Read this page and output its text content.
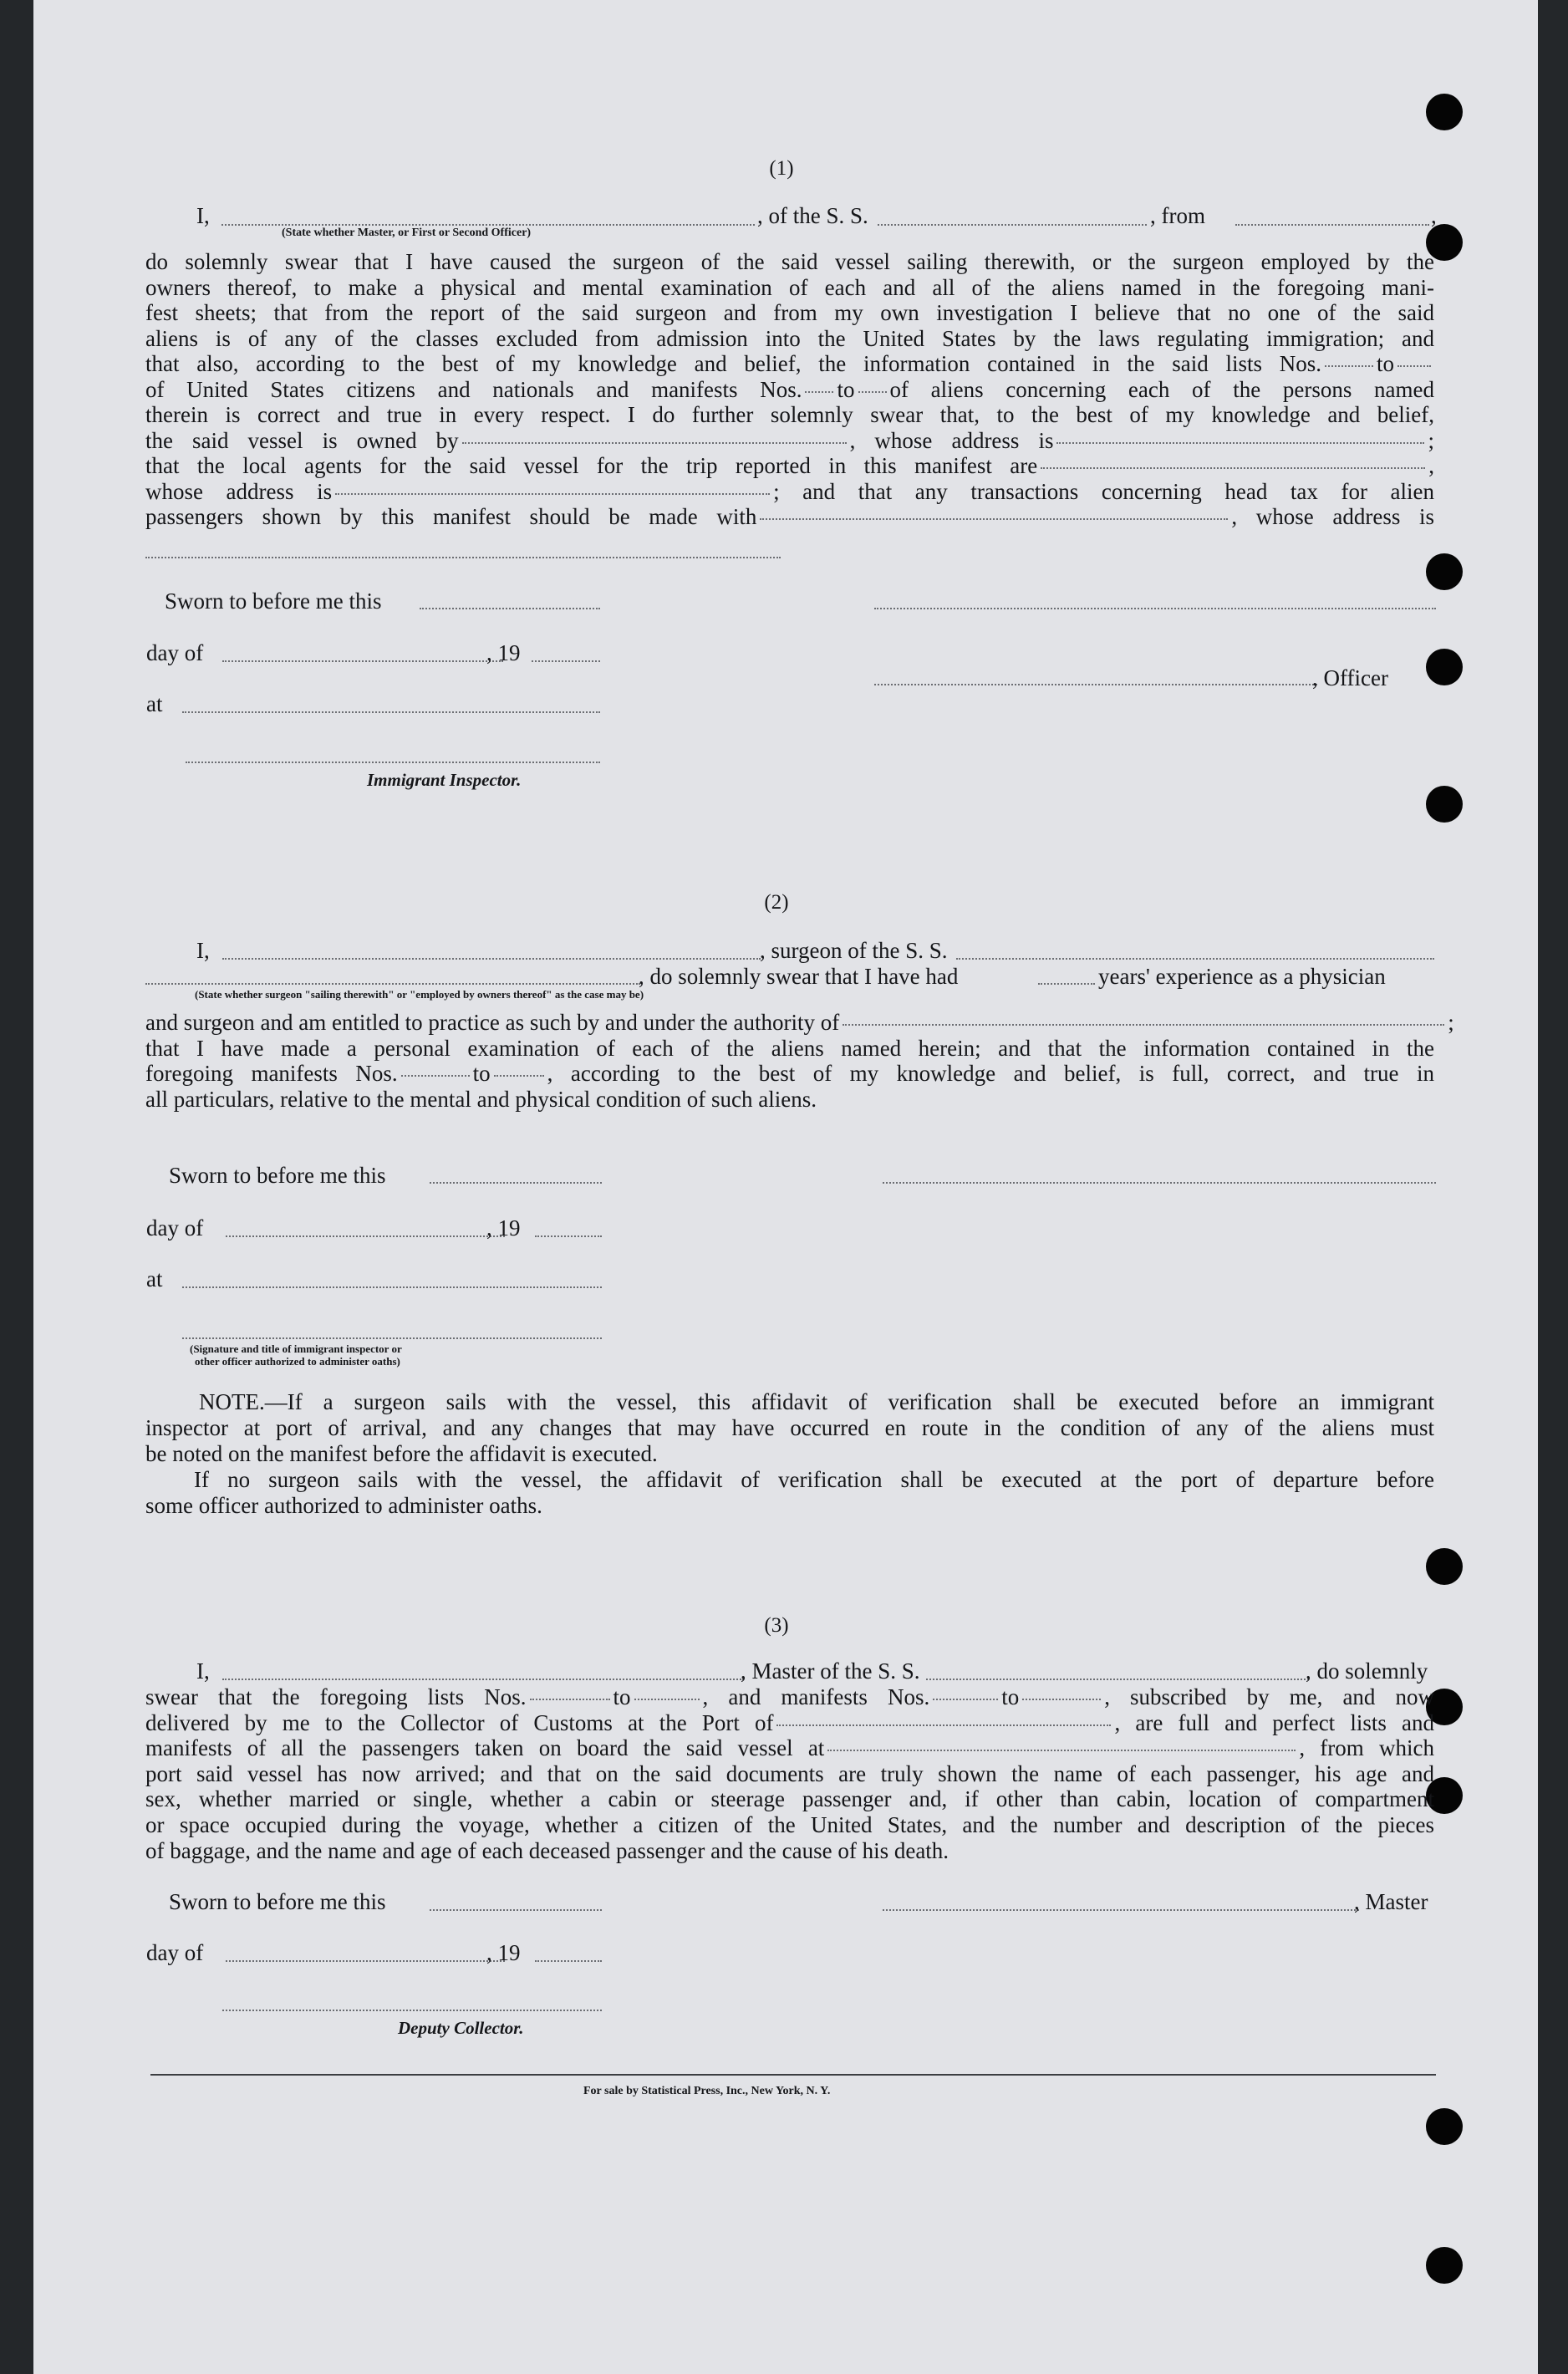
(1)
I,	, of the S. S.	, from	,
(State whether Master, or First or Second Officer)
do solemnly swear that I have caused the surgeon of the said vessel sailing therewith, or the surgeon employed by the
owners thereof, to make a physical and mental examination of each and all of the aliens named in the foregoing mani-
fest sheets; that from the report of the said surgeon and from my own investigation I believe that no one of the said
aliens is of any of the classes excluded from admission into the United States by the laws regulating immigration; and
that also, according to the best of my knowledge and belief, the information contained in the said lists Nos. to
of United States citizens and nationals and manifests Nos. to of aliens concerning each of the persons named
therein is correct and true in every respect. I do further solemnly swear that, to the best of my knowledge and belief,
the said vessel is owned by	, whose address is	;
that the local agents for the said vessel for the trip reported in this manifest are	,
whose address is	; and that any transactions concerning head tax for alien
passengers shown by this manifest should be made with	, whose address is
Sworn to before me this
day of	, 19
, Officer
at
Immigrant Inspector.
(2)
I,	, surgeon of the S. S.
, do solemnly swear that I have had	years' experience as a physician
(State whether surgeon "sailing therewith" or "employed by owners thereof" as the case may be)
and surgeon and am entitled to practice as such by and under the authority of	;
that I have made a personal examination of each of the aliens named herein; and that the information contained in the
foregoing manifests Nos.	to	, according to the best of my knowledge and belief, is full, correct, and true in
all particulars, relative to the mental and physical condition of such aliens.
Sworn to before me this
day of	, 19
at
(Signature and title of immigrant inspector or
other officer authorized to administer oaths)
NOTE.—If a surgeon sails with the vessel, this affidavit of verification shall be executed before an immigrant
inspector at port of arrival, and any changes that may have occurred en route in the condition of any of the aliens must
be noted on the manifest before the affidavit is executed.
If no surgeon sails with the vessel, the affidavit of verification shall be executed at the port of departure before
some officer authorized to administer oaths.
(3)
I,	, Master of the S. S.	, do solemnly
swear that the foregoing lists Nos.	to	, and manifests Nos.	to	, subscribed by me, and now
delivered by me to the Collector of Customs at the Port of	, are full and perfect lists and
manifests of all the passengers taken on board the said vessel at	, from which
port said vessel has now arrived; and that on the said documents are truly shown the name of each passenger, his age and
sex, whether married or single, whether a cabin or steerage passenger and, if other than cabin, location of compartment
or space occupied during the voyage, whether a citizen of the United States, and the number and description of the pieces
of baggage, and the name and age of each deceased passenger and the cause of his death.
Sworn to before me this	, Master
day of	, 19
Deputy Collector.
For sale by Statistical Press, Inc., New York, N. Y.
